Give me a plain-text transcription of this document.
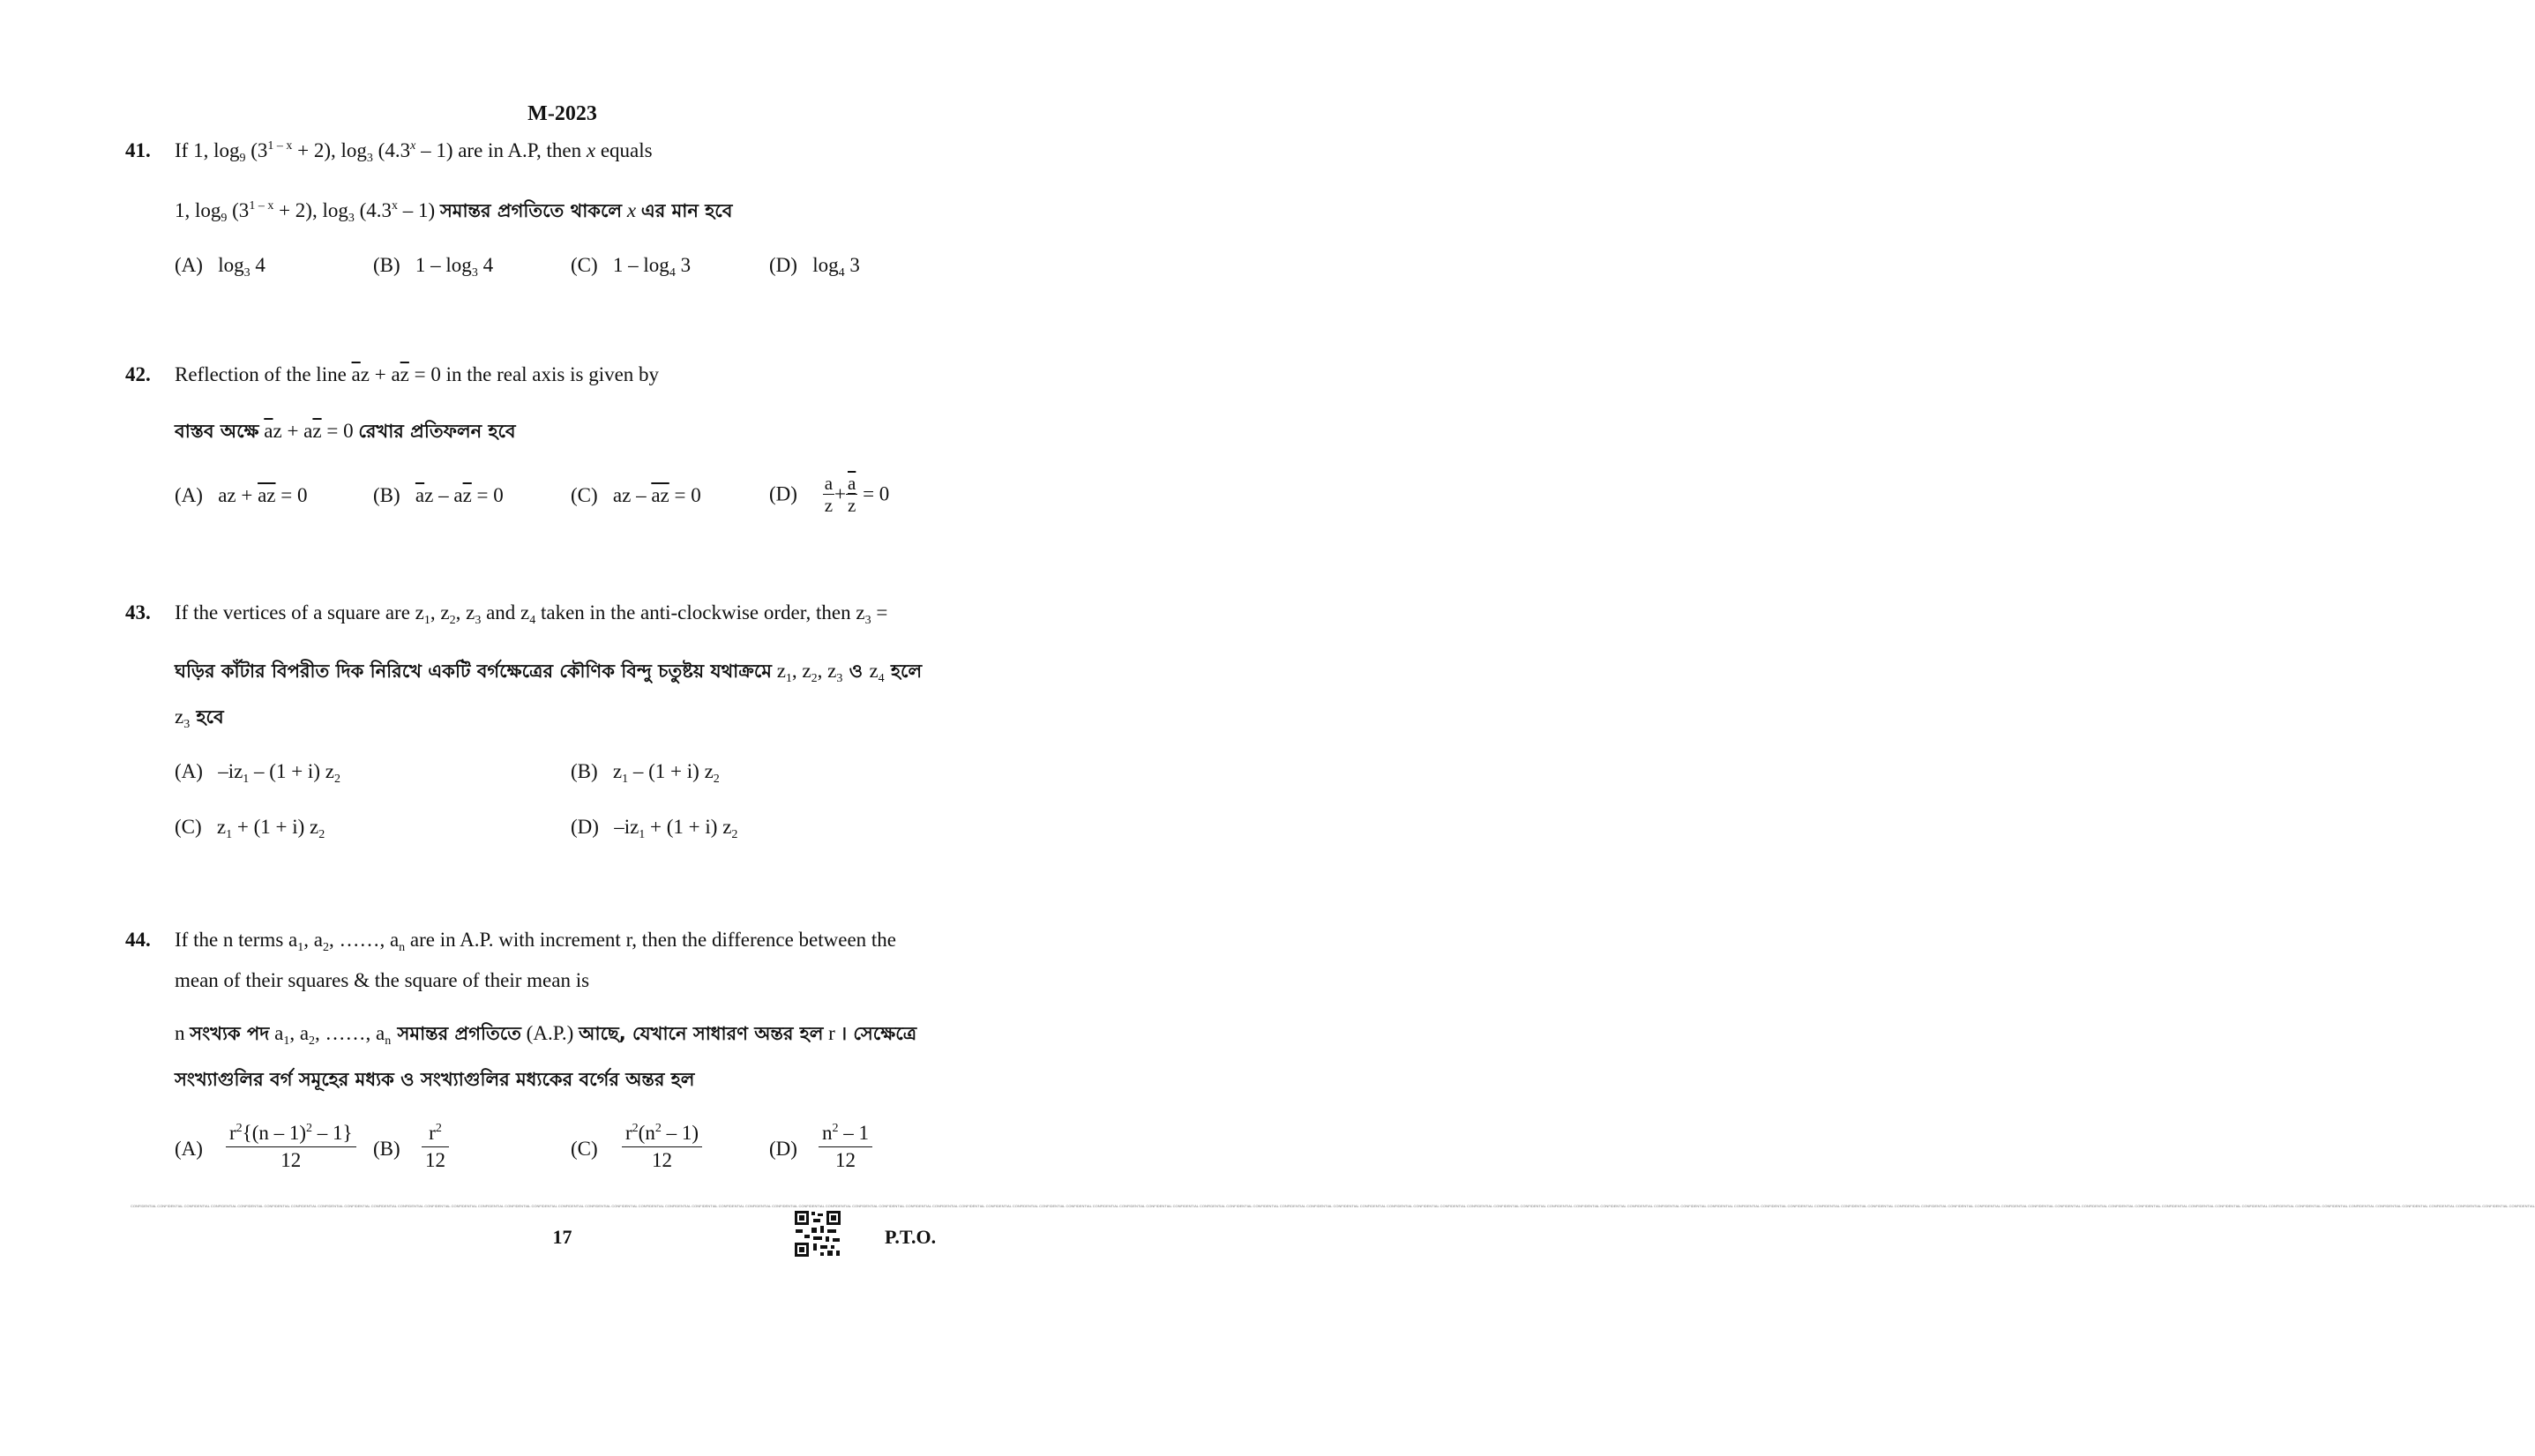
M-2023
41. If 1, $\log_9 (3^{1 - x} + 2)$, $\log_3 (4.3^x - 1)$ are in A.P, then x equals
1, $\log_9 (3^{1 - x} + 2)$, $\log_3 (4.3^x - 1)$ সমান্তর প্রগতিতে থাকলে x এর মান হবে
(A) $\log_3 4$	(B) $1 - \log_3 4$	(C) $1 - \log_4 3$	(D) $\log_4 3$
42. Reflection of the line $\overline{a}z + a\overline{z} = 0$ in the real axis is given by
বাস্তব অক্ষে $\overline{a}z + a\overline{z} = 0$ রেখার প্রতিফলন হবে
(A) az + $\overline{az} = 0$	(B) $\overline{a}z - a\overline{z} = 0$	(C) az – $\overline{az} = 0$	$(D) \frac{a}{z} + \frac{\overline{a}}{z} = 0$
43. If the vertices of a square are $z_1$, $z_2$, $z_3$ and $z_4$ taken in the anti-clockwise order, then $z_3$ =
ঘড়ির কাঁটার বিপরীত দিক নিরিখে একটি বর্গক্ষেত্রের কৌণিক বিন্দু চতুষ্টয় যথাক্রমে $z_1$, $z_2$, $z_3$ ও $z_4$ হলে
$z_3$ হবে
(A) $-iz_1 - (1 + i)$ $z_2$	(B) $z_1 - (1 + i)$ $z_2$
(C) $z_1 + (1 + i)$ $z_2$	(D) $-iz_1 + (1 + i)$ $z_2$
44. If the n terms $a_1$, $a_2$, ……, $a_n$ are in A.P. with increment r, then the difference between the
mean of their squares & the square of their mean is
n সংখ্যক পদ $a_1$, $a_2$, ……, $a_n$ সমান্তর প্রগতিতে (A.P.) আছে, যেখানে সাধারণ অন্তর হল r । সেক্ষেত্রে
সংখ্যাগুলির বর্গ সমূহের মধ্যক ও সংখ্যাগুলির মধ্যকের বর্গের অন্তর হল
$(A) \frac{r^2\{(n - 1)^2 - 1\}}{12} (B) \frac{r^2}{12}$	$(C) \frac{r^2(n^2 - 1)}{12}$	$(D) \frac{n^2 - 1}{12}$
CONFIDENTIAL CONFIDENTIAL CONFIDENTIAL CONFIDENTIAL CONFIDENTIAL CONFIDENTIAL CONFIDENTIAL CONFIDENTIAL CONFIDENTIAL CONFIDENTIAL CONFIDENTIAL CONFIDENTIAL CONFIDENTIAL CONFIDENTIAL CONFIDENTIAL CONFIDENTIAL CONFIDENTIAL CONFIDENTIAL CONFIDENTIAL CONFIDENTIAL CONFIDENTIAL CONFIDENTIAL CONFIDENTIAL CONFIDENTIAL CONFIDENTIAL CONFIDENTIAL CONFIDENTIAL CONFIDENTIAL CONFIDENTIAL CONFIDENTIAL CONFIDENTIAL CONFIDENTIAL CONFIDENTIAL CONFIDENTIAL CONFIDENTIAL CONFIDENTIAL CONFIDENTIAL CONFIDENTIAL CONFIDENTIAL CONFIDENTIAL CONFIDENTIAL CONFIDENTIAL CONFIDENTIAL CONFIDENTIAL CONFIDENTIAL CONFIDENTIAL CONFIDENTIAL CONFIDENTIAL CONFIDENTIAL CONFIDENTIAL CONFIDENTIAL CONFIDENTIAL CONFIDENTIAL CONFIDENTIAL CONFIDENTIAL CONFIDENTIAL CONFIDENTIAL CONFIDENTIAL CONFIDENTIAL CONFIDENTIAL CONFIDENTIAL CONFIDENTIAL CONFIDENTIAL CONFIDENTIAL CONFIDENTIAL CONFIDENTIAL CONFIDENTIAL CONFIDENTIAL CONFIDENTIAL CONFIDENTIAL CONFIDENTIAL CONFIDENTIAL CONFIDENTIAL CONFIDENTIAL CONFIDENTIAL CONFIDENTIAL CONFIDENTIAL CONFIDENTIAL CONFIDENTIAL CONFIDENTIAL CONFIDENTIAL CONFIDENTIAL CONFIDENTIAL CONFIDENTIAL CONFIDENTIAL CONFIDENTIAL CONFIDENTIAL CONFIDENTIAL CONFIDENTIAL CONFIDENTIAL
17	P.T.O.
